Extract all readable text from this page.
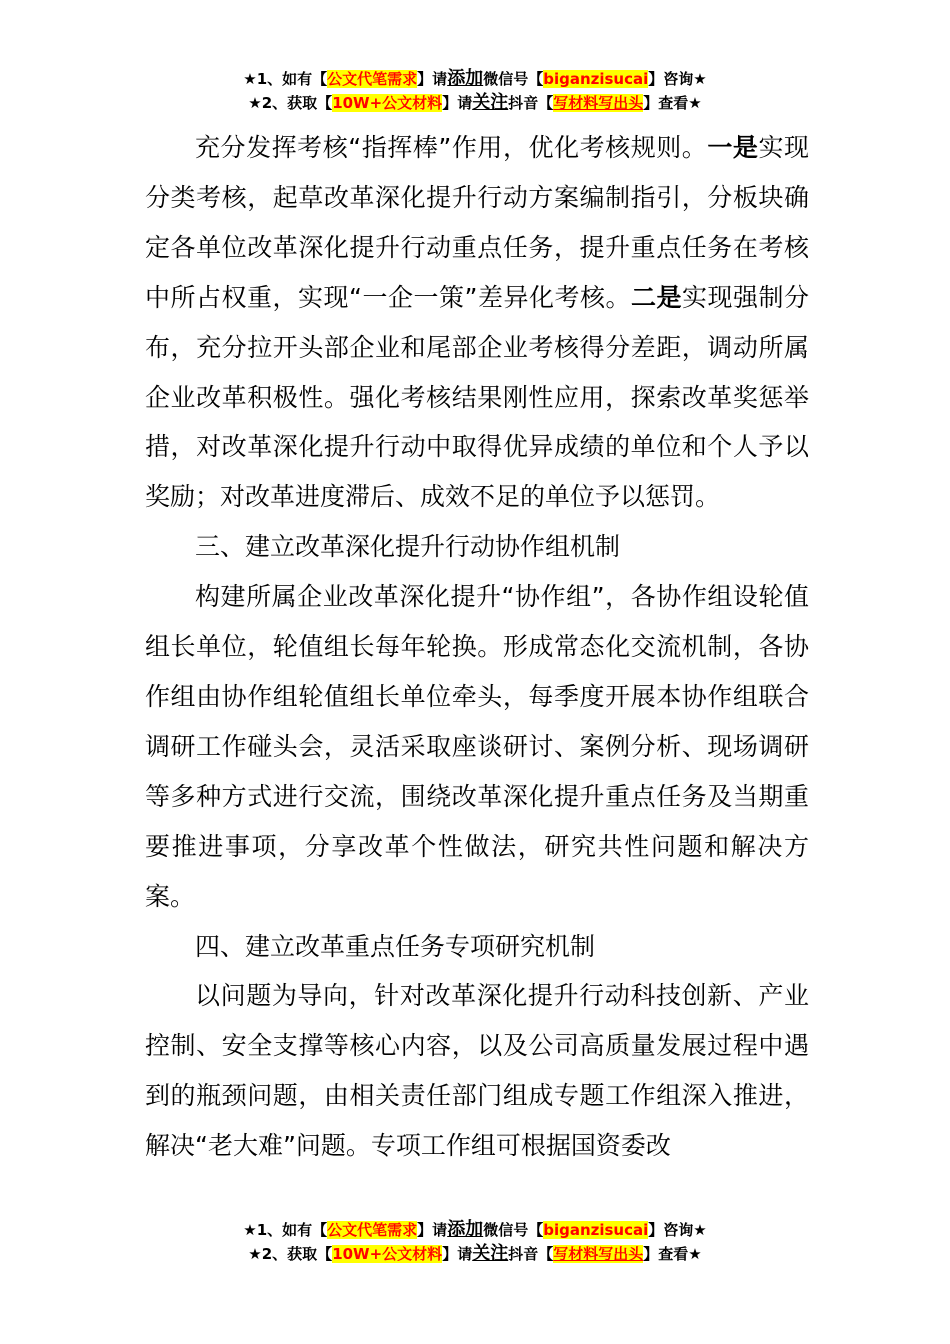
★1、如有【公文代笔需求】请添加微信号【biganzisucai】咨询★
★2、获取【10W+公文材料】请关注抖音【写材料写出头】查看★

充分发挥考核“指挥棒”作用，优化考核规则。一是实现分类考核，起草改革深化提升行动方案编制指引，分板块确定各单位改革深化提升行动重点任务，提升重点任务在考核中所占权重，实现“一企一策”差异化考核。二是实现强制分布，充分拉开头部企业和尾部企业考核得分差距，调动所属企业改革积极性。强化考核结果刚性应用，探索改革奖惩举措，对改革深化提升行动中取得优异成绩的单位和个人予以奖励；对改革进度滞后、成效不足的单位予以惩罚。

三、建立改革深化提升行动协作组机制

构建所属企业改革深化提升“协作组”，各协作组设轮值组长单位，轮值组长每年轮换。形成常态化交流机制，各协作组由协作组轮值组长单位牵头，每季度开展本协作组联合调研工作碰头会，灵活采取座谈研讨、案例分析、现场调研等多种方式进行交流，围绕改革深化提升重点任务及当期重要推进事项，分享改革个性做法，研究共性问题和解决方案。

四、建立改革重点任务专项研究机制

以问题为导向，针对改革深化提升行动科技创新、产业控制、安全支撑等核心内容，以及公司高质量发展过程中遇到的瓶颈问题，由相关责任部门组成专题工作组深入推进，解决“老大难”问题。专项工作组可根据国资委改

★1、如有【公文代笔需求】请添加微信号【biganzisucai】咨询★
★2、获取【10W+公文材料】请关注抖音【写材料写出头】查看★
